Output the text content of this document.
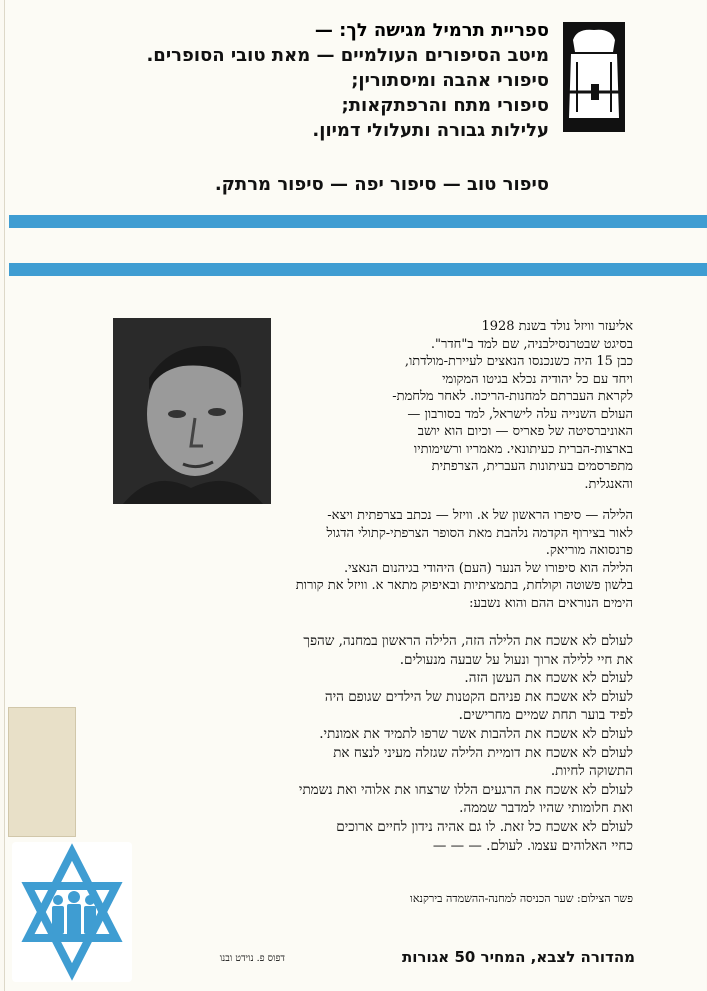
ספריית תרמיל מגישה לך: —
מיטב הסיפורים העולמיים — מאת טובי הסופרים.
סיפורי אהבה ומיסתורין;
סיפורי מתח והרפתקאות;
עלילות גבורה ותעלולי דמיון.
סיפור טוב — סיפור יפה — סיפור מרתק.
אליעזר וויזל נולד בשנת 1928
בסיגט שבטרנסילבניה, שם למד ב"חדר".
כבן 15 היה כשנכנסו הנאצים לעיירת-מולדתו,
ויחד עם כל יהודיה נכלא בגיטו המקומי
לקראת העברתם למחנות-הריכוז. לאחר מלחמת-
העולם השנייה עלה לישראל, למד בסורבון —
האוניברסיטה של פאריס — וכיום הוא יושב
בארצות-הברית כעיתונאי. מאמריו ורשימותיו
מתפרסמים בעיתונות העברית, הצרפתית
והאנגלית.
הלילה — סיפרו הראשון של א. וויזל — נכתב בצרפתית ויצא-
לאור בצירוף הקדמה נלהבת מאת הסופר הצרפתי-קתולי הדגול
פרנסואה מוריאק.
הלילה הוא סיפורו של הנער (העם) היהודי בגיהנום הנאצי.
בלשון פשוטה וקולחת, בתמציתיות ובאיפוק מתאר א. וויזל את קורות
הימים הנוראים ההם והוא נשבע:
לעולם לא אשכח את הלילה הזה, הלילה הראשון במחנה, שהפך
את חיי ללילה ארוך ונעול על שבעה מנעולים.
לעולם לא אשכח את העשן הזה.
לעולם לא אשכח את פניהם הקטנות של הילדים שגופם היה
לפיד בוער תחת שמיים מחרישים.
לעולם לא אשכח את הלהבות אשר שרפו לתמיד את אמונתי.
לעולם לא אשכח את דומיית הלילה שגזלה מעיני לנצח את
התשוקה לחיות.
לעולם לא אשכח את הרגעים הללו שרצחו את אלוהי ואת נשמתי
ואת חלומותי שהיו למדבר שממה.
לעולם לא אשכח כל זאת. לו גם אהיה נידון לחיים ארוכים
כחיי האלוהים עצמו. לעולם. — — —
פשר הצילום: שער הכניסה למחנה-ההשמדה בירקנאו
מהדורה לצבא, המחיר 50 אגורות
דפוס פ. נוידט ובנו
